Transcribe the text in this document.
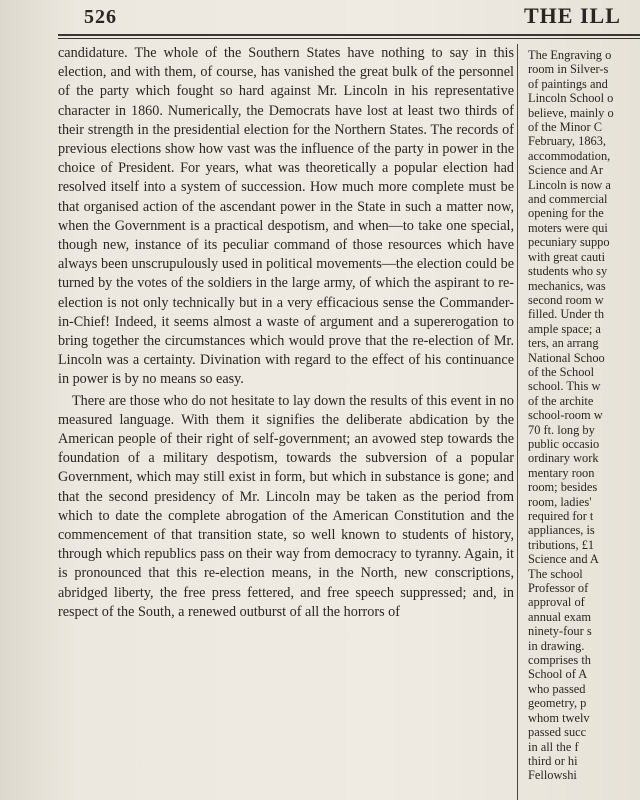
526	THE ILL

candidature. The whole of the Southern States have nothing to say in this election, and with them, of course, has vanished the great bulk of the personnel of the party which fought so hard against Mr. Lincoln in his representative character in 1860. Numerically, the Democrats have lost at least two thirds of their strength in the presidential election for the Northern States. The records of previous elections show how vast was the influence of the party in power in the choice of President. For years, what was theoretically a popular election had resolved itself into a system of succession. How much more complete must be that organised action of the ascendant power in the State in such a matter now, when the Government is a practical despotism, and when—to take one special, though new, instance of its peculiar command of those resources which have always been unscrupulously used in political movements—the election could be turned by the votes of the soldiers in the large army, of which the aspirant to re-election is not only technically but in a very efficacious sense the Commander-in-Chief! Indeed, it seems almost a waste of argument and a supererogation to bring together the circumstances which would prove that the re-election of Mr. Lincoln was a certainty. Divination with regard to the effect of his continuance in power is by no means so easy.

There are those who do not hesitate to lay down the results of this event in no measured language. With them it signifies the deliberate abdication by the American people of their right of self-government; an avowed step towards the foundation of a military despotism, towards the subversion of a popular Government, which may still exist in form, but which in substance is gone; and that the second presidency of Mr. Lincoln may be taken as the period from which to date the complete abrogation of the American Constitution and the commencement of that transition state, so well known to students of history, through which republics pass on their way from democracy to tyranny. Again, it is pronounced that this re-election means, in the North, new conscriptions, abridged liberty, the free press fettered, and free speech suppressed; and, in respect of the South, a renewed outburst of all the horrors of

The Engraving o
room in Silver-s
of paintings and
Lincoln School o
believe, mainly o
of the Minor C
February, 1863,
accommodation,
Science and Ar
Lincoln is now a
and commercial
opening for the
moters were qui
pecuniary suppo
with great cauti
students who sy
mechanics, was
second room w
filled. Under th
ample space; a
ters, an arrang
National Schoo
of the School
school. This w
of the archite
school-room w
70 ft. long by
public occasio
ordinary work
mentary roon
room; besides
room, ladies'
required for t
appliances, is
tributions, £1
Science and A
The school
Professor of
approval of
annual exam
ninety-four s
in drawing.
comprises th
School of A
who passed
geometry, p
whom twelv
passed succ
in all the f
third or hi
Fellowshi
